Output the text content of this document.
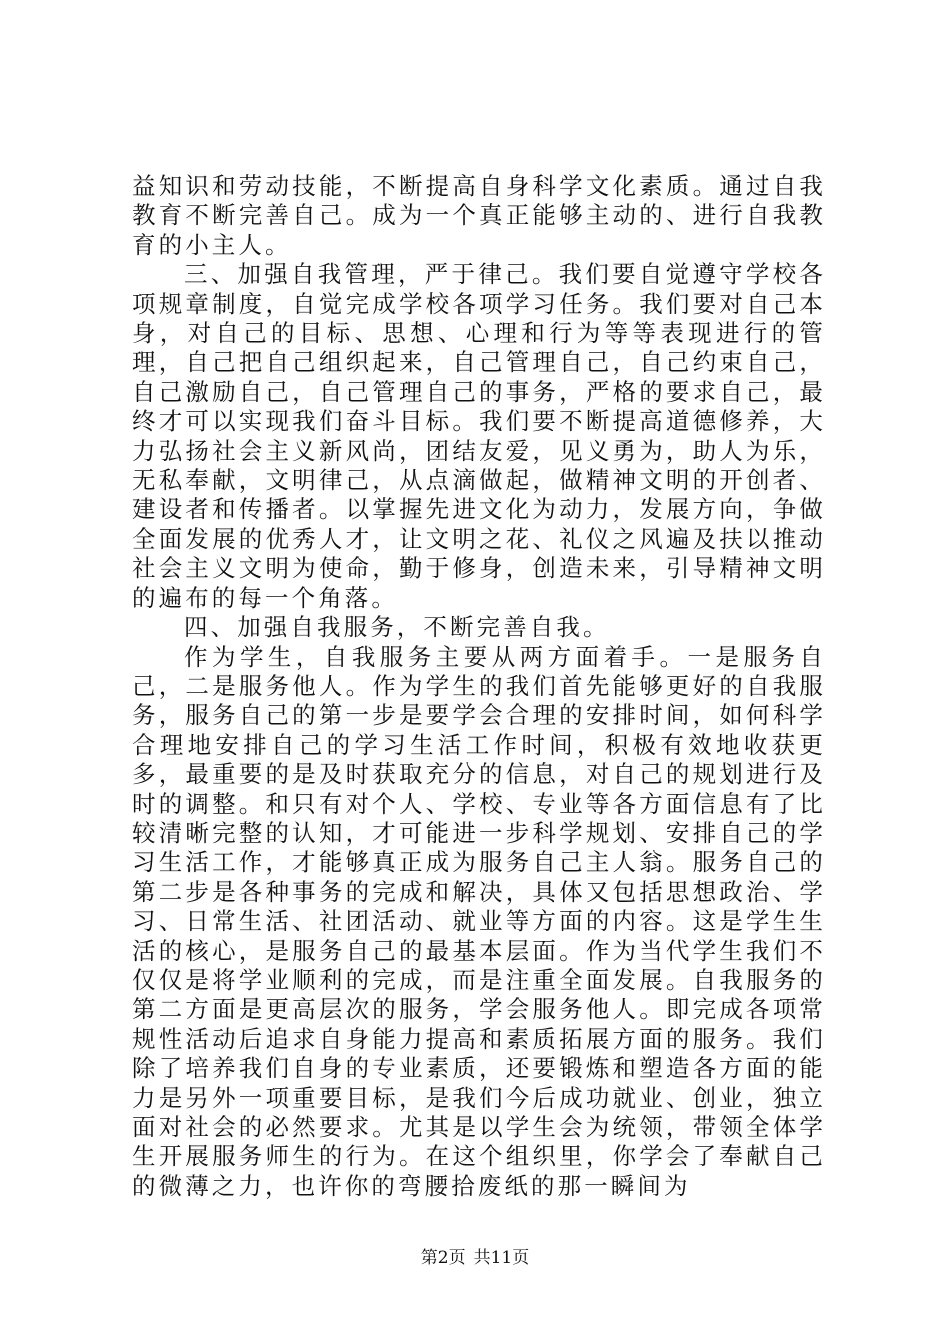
益知识和劳动技能，不断提高自身科学文化素质。通过自我教育不断完善自己。成为一个真正能够主动的、进行自我教育的小主人。

三、加强自我管理，严于律己。我们要自觉遵守学校各项规章制度，自觉完成学校各项学习任务。我们要对自己本身，对自己的目标、思想、心理和行为等等表现进行的管理，自己把自己组织起来，自己管理自己，自己约束自己，自己激励自己，自己管理自己的事务，严格的要求自己，最终才可以实现我们奋斗目标。我们要不断提高道德修养，大力弘扬社会主义新风尚，团结友爱，见义勇为，助人为乐，无私奉献，文明律己，从点滴做起，做精神文明的开创者、建设者和传播者。以掌握先进文化为动力，发展方向，争做全面发展的优秀人才，让文明之花、礼仪之风遍及扶以推动社会主义文明为使命，勤于修身，创造未来，引导精神文明的遍布的每一个角落。

四、加强自我服务，不断完善自我。

作为学生，自我服务主要从两方面着手。一是服务自己，二是服务他人。作为学生的我们首先能够更好的自我服务，服务自己的第一步是要学会合理的安排时间，如何科学合理地安排自己的学习生活工作时间，积极有效地收获更多，最重要的是及时获取充分的信息，对自己的规划进行及时的调整。和只有对个人、学校、专业等各方面信息有了比较清晰完整的认知，才可能进一步科学规划、安排自己的学习生活工作，才能够真正成为服务自己主人翁。服务自己的第二步是各种事务的完成和解决，具体又包括思想政治、学习、日常生活、社团活动、就业等方面的内容。这是学生生活的核心，是服务自己的最基本层面。作为当代学生我们不仅仅是将学业顺利的完成，而是注重全面发展。自我服务的第二方面是更高层次的服务，学会服务他人。即完成各项常规性活动后追求自身能力提高和素质拓展方面的服务。我们除了培养我们自身的专业素质，还要锻炼和塑造各方面的能力是另外一项重要目标，是我们今后成功就业、创业，独立面对社会的必然要求。尤其是以学生会为统领，带领全体学生开展服务师生的行为。在这个组织里，你学会了奉献自己的微薄之力，也许你的弯腰拾废纸的那一瞬间为

第2页 共11页
